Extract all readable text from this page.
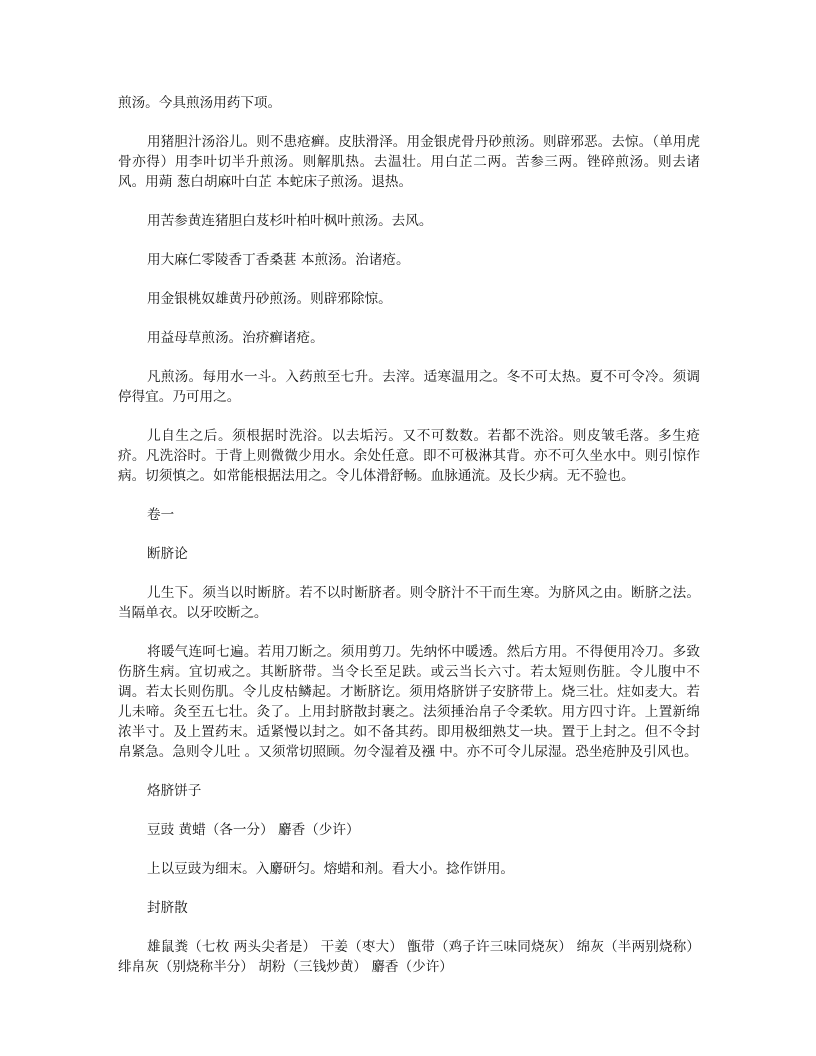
煎汤。今具煎汤用药下项。

用猪胆汁汤浴儿。则不患疮癣。皮肤滑泽。用金银虎骨丹砂煎汤。则辟邪恶。去惊。（单用虎骨亦得）用李叶切半升煎汤。则解肌热。去温壮。用白芷二两。苦参三两。锉碎煎汤。则去诸风。用蒴 葱白胡麻叶白芷 本蛇床子煎汤。退热。

用苦参黄连猪胆白芨杉叶柏叶枫叶煎汤。去风。

用大麻仁零陵香丁香桑葚 本煎汤。治诸疮。

用金银桃奴雄黄丹砂煎汤。则辟邪除惊。

用益母草煎汤。治疥癣诸疮。

凡煎汤。每用水一斗。入药煎至七升。去滓。适寒温用之。冬不可太热。夏不可令冷。须调停得宜。乃可用之。

儿自生之后。须根据时洗浴。以去垢污。又不可数数。若都不洗浴。则皮皱毛落。多生疮疥。凡洗浴时。于背上则微微少用水。余处任意。即不可极淋其背。亦不可久坐水中。则引惊作病。切须慎之。如常能根据法用之。令儿体滑舒畅。血脉通流。及长少病。无不验也。

卷一

断脐论

儿生下。须当以时断脐。若不以时断脐者。则令脐汁不干而生寒。为脐风之由。断脐之法。当隔单衣。以牙咬断之。

将暖气连呵七遍。若用刀断之。须用剪刀。先纳怀中暖透。然后方用。不得便用冷刀。多致伤脐生病。宜切戒之。其断脐带。当令长至足趺。或云当长六寸。若太短则伤脏。令儿腹中不调。若太长则伤肌。令儿皮枯鳞起。才断脐讫。须用烙脐饼子安脐带上。烧三壮。炷如麦大。若儿未啼。灸至五七壮。灸了。上用封脐散封裹之。法须捶治帛子令柔软。用方四寸许。上置新绵浓半寸。及上置药末。适紧慢以封之。如不备其药。即用极细熟艾一块。置于上封之。但不令封帛紧急。急则令儿吐 。又须常切照顾。勿令湿着及襁 中。亦不可令儿尿湿。恐坐疮肿及引风也。

烙脐饼子

豆豉 黄蜡（各一分） 麝香（少许）

上以豆豉为细末。入麝研匀。熔蜡和剂。看大小。捻作饼用。

封脐散

雄鼠粪（七枚 两头尖者是） 干姜（枣大） 甑带（鸡子许三味同烧灰） 绵灰（半两别烧称） 绯帛灰（别烧称半分） 胡粉（三钱炒黄） 麝香（少许）
